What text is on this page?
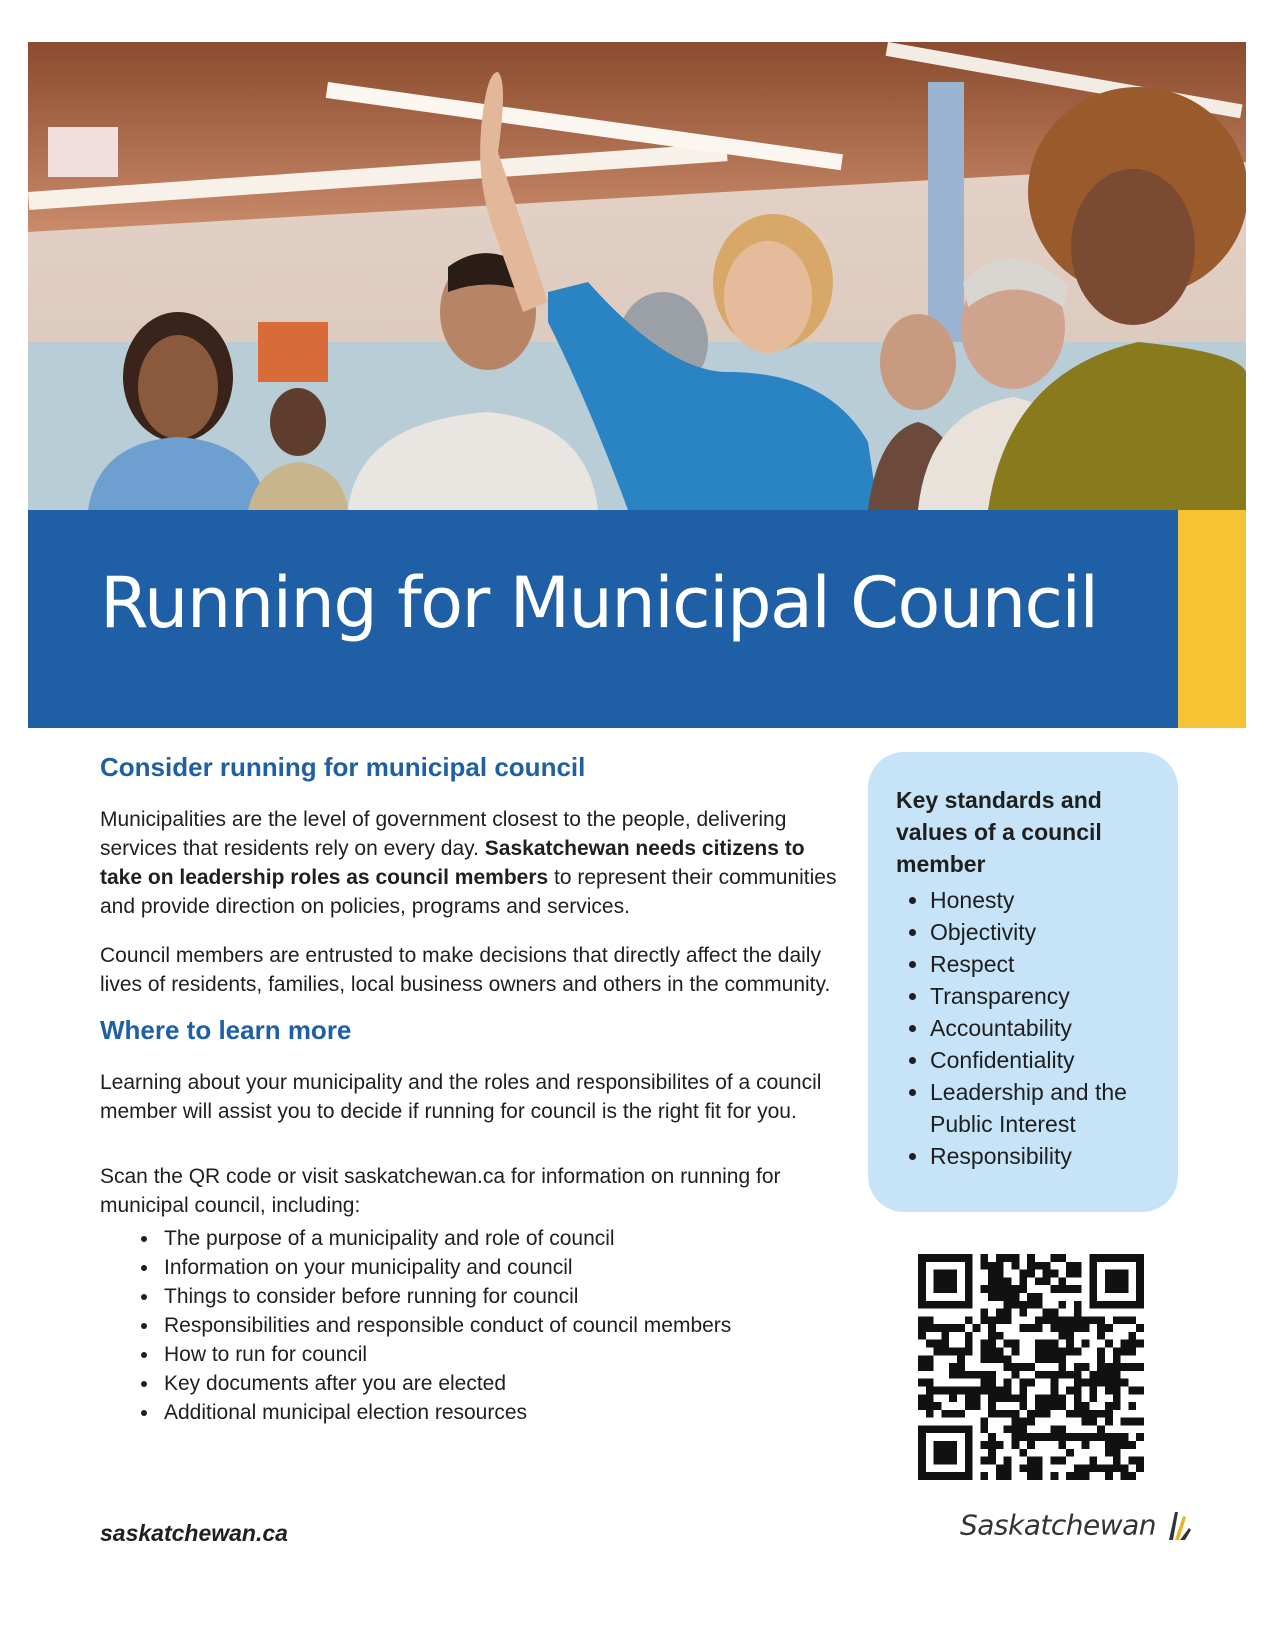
Running for Municipal Council
Consider running for municipal council

Municipalities are the level of government closest to the people, delivering services that residents rely on every day. Saskatchewan needs citizens to take on leadership roles as council members to represent their communities and provide direction on policies, programs and services.

Council members are entrusted to make decisions that directly affect the daily lives of residents, families, local business owners and others in the community.

Where to learn more

Learning about your municipality and the roles and responsibilites of a council member will assist you to decide if running for council is the right fit for you.

Scan the QR code or visit saskatchewan.ca for information on running for municipal council, including:

• The purpose of a municipality and role of council
• Information on your municipality and council
• Things to consider before running for council
• Responsibilities and responsible conduct of council members
• How to run for council
• Key documents after you are elected
• Additional municipal election resources
Key standards and values of a council member
• Honesty
• Objectivity
• Respect
• Transparency
• Accountability
• Confidentiality
• Leadership and the Public Interest
• Responsibility
saskatchewan.ca	Saskatchewan
